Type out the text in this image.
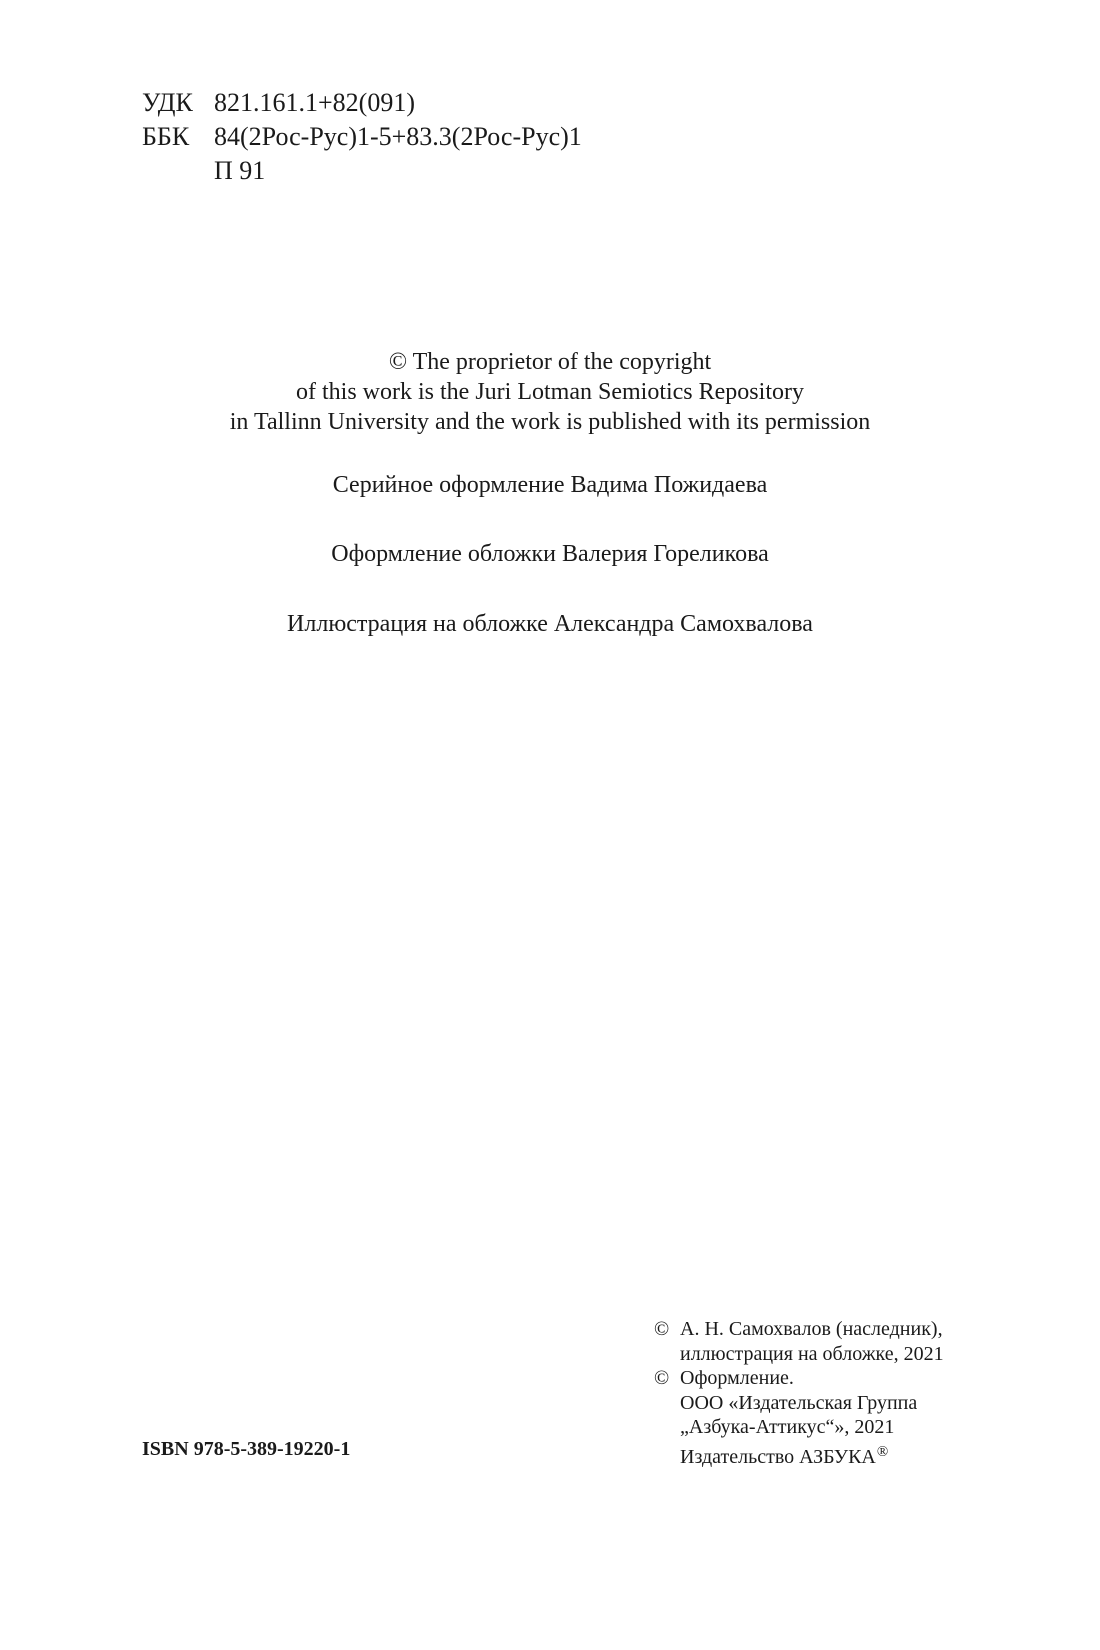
УДК 821.161.1+82(091)
ББК 84(2Рос-Рус)1-5+83.3(2Рос-Рус)1
П 91
© The proprietor of the copyright
of this work is the Juri Lotman Semiotics Repository
in Tallinn University and the work is published with its permission
Серийное оформление Вадима Пожидаева
Оформление обложки Валерия Гореликова
Иллюстрация на обложке Александра Самохвалова
ISBN 978-5-389-19220-1
© А. Н. Самохвалов (наследник),
иллюстрация на обложке, 2021
© Оформление.
ООО «Издательская Группа
„Азбука-Аттикус“», 2021
Издательство АЗБУКА®
